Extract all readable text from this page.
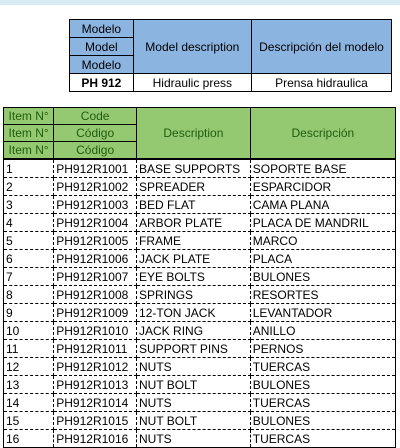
Modelo	Model description	Descripción del modelo
Model		
Modelo		
PH 912	Hidraulic press	Prensa hidraulica
Item N°	Code	Description	Descripción
Item N°	Código		
Item N°	Código		
1	PH912R1001	BASE SUPPORTS	SOPORTE BASE
2	PH912R1002	SPREADER	ESPARCIDOR
3	PH912R1003	BED FLAT	CAMA PLANA
4	PH912R1004	ARBOR PLATE	PLACA DE MANDRIL
5	PH912R1005	FRAME	MARCO
6	PH912R1006	JACK PLATE	PLACA
7	PH912R1007	EYE BOLTS	BULONES
8	PH912R1008	SPRINGS	RESORTES
9	PH912R1009	12-TON JACK	LEVANTADOR
10	PH912R1010	JACK RING	ANILLO
11	PH912R1011	SUPPORT PINS	PERNOS
12	PH912R1012	NUTS	TUERCAS
13	PH912R1013	NUT BOLT	BULONES
14	PH912R1014	NUTS	TUERCAS
15	PH912R1015	NUT BOLT	BULONES
16	PH912R1016	NUTS	TUERCAS
